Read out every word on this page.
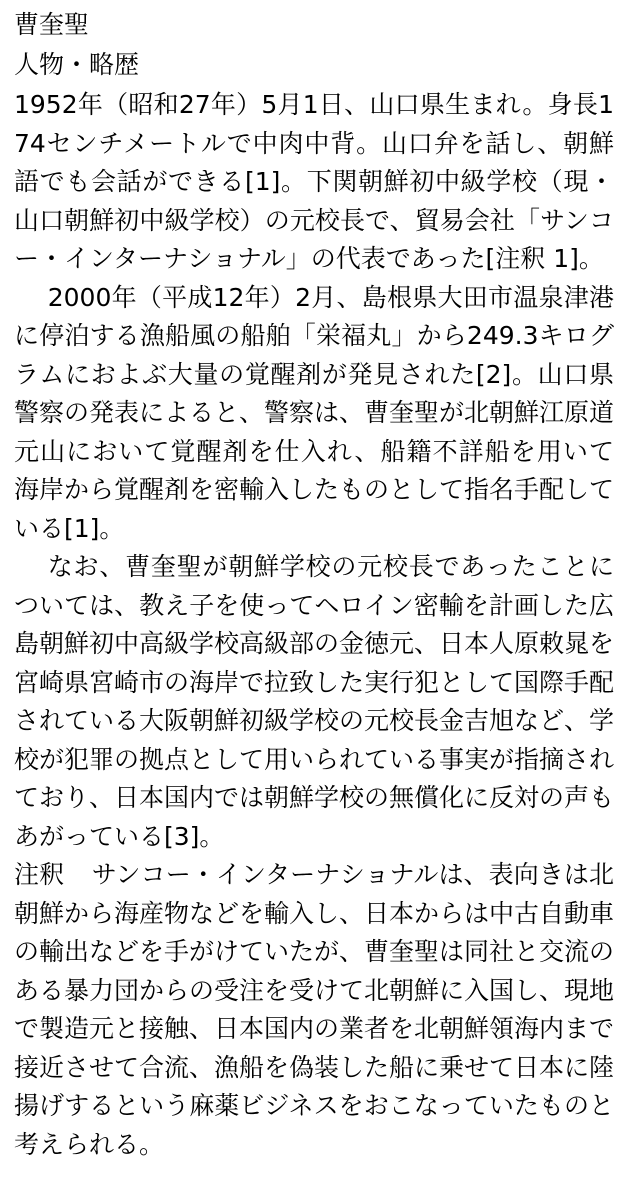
曹奎聖
人物・略歴

1952年（昭和27年）5月1日、山口県生まれ。身長174センチメートルで中肉中背。山口弁を話し、朝鮮語でも会話ができる[1]。下関朝鮮初中級学校（現・山口朝鮮初中級学校）の元校長で、貿易会社「サンコー・インターナショナル」の代表であった[注釈 1]。

2000年（平成12年）2月、島根県大田市温泉津港に停泊する漁船風の船舶「栄福丸」から249.3キログラムにおよぶ大量の覚醒剤が発見された[2]。山口県警察の発表によると、警察は、曹奎聖が北朝鮮江原道元山において覚醒剤を仕入れ、船籍不詳船を用いて海岸から覚醒剤を密輸入したものとして指名手配している[1]。

なお、曹奎聖が朝鮮学校の元校長であったことについては、教え子を使ってヘロイン密輸を計画した広島朝鮮初中高級学校高級部の金徳元、日本人原敕晁を宮崎県宮崎市の海岸で拉致した実行犯として国際手配されている大阪朝鮮初級学校の元校長金吉旭など、学校が犯罪の拠点として用いられている事実が指摘されており、日本国内では朝鮮学校の無償化に反対の声もあがっている[3]。

注釈 サンコー・インターナショナルは、表向きは北朝鮮から海産物などを輸入し、日本からは中古自動車の輸出などを手がけていたが、曹奎聖は同社と交流のある暴力団からの受注を受けて北朝鮮に入国し、現地で製造元と接触、日本国内の業者を北朝鮮領海内まで接近させて合流、漁船を偽装した船に乗せて日本に陸揚げするという麻薬ビジネスをおこなっていたものと考えられる。
